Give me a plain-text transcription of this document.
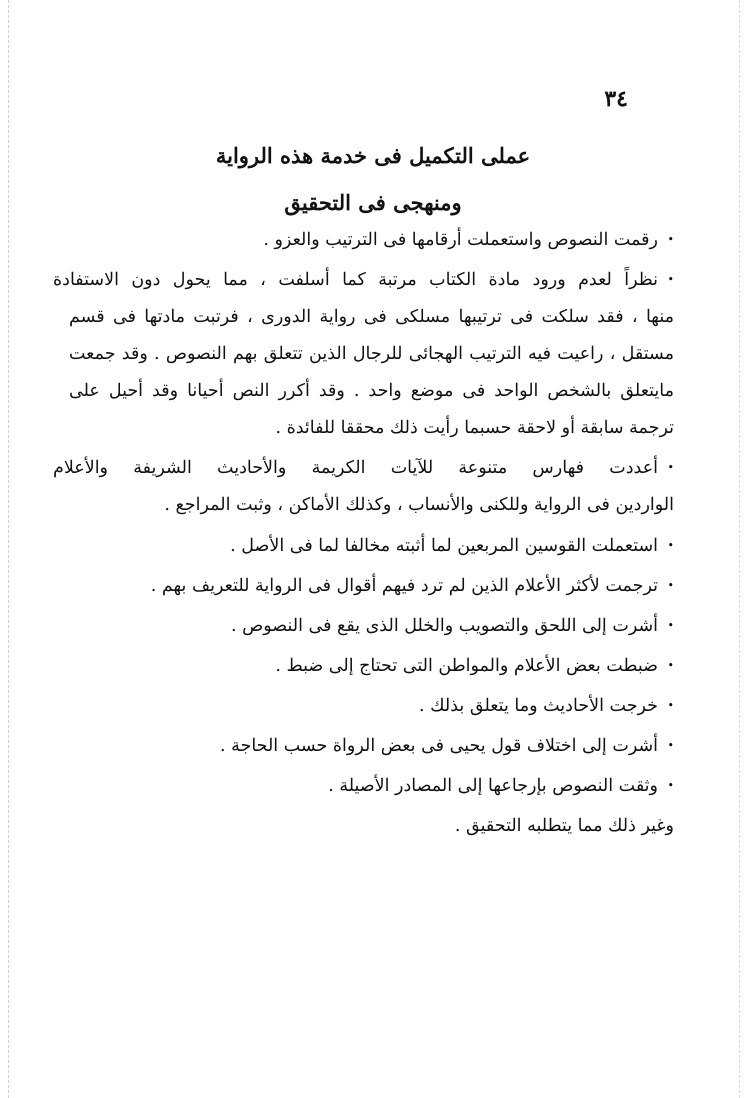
٣٤
عملى التكميل فى خدمة هذه الرواية
ومنهجى فى التحقيق
• رقمت النصوص واستعملت أرقامها فى الترتيب والعزو .
• نظراً لعدم ورود مادة الكتاب مرتبة كما أسلفت ، مما يحول دون الاستفادة
منها ، فقد سلكت فى ترتيبها مسلكى فى رواية الدورى ، فرتبت مادتها فى قسم
مستقل ، راعيت فيه الترتيب الهجائى للرجال الذين تتعلق بهم النصوص . وقد جمعت
مايتعلق بالشخص الواحد فى موضع واحد . وقد أكرر النص أحيانا وقد أحيل على
ترجمة سابقة أو لاحقة حسبما رأيت ذلك محققا للفائدة .
• أعددت فهارس متنوعة للآيات الكريمة والأحاديث الشريفة والأعلام
الواردين فى الرواية وللكنى والأنساب ، وكذلك الأماكن ، وثبت المراجع .
• استعملت القوسين المربعين لما أثبته مخالفا لما فى الأصل .
• ترجمت لأكثر الأعلام الذين لم ترد فيهم أقوال فى الرواية للتعريف بهم .
• أشرت إلى اللحق والتصويب والخلل الذى يقع فى النصوص .
• ضبطت بعض الأعلام والمواطن التى تحتاج إلى ضبط .
• خرجت الأحاديث وما يتعلق بذلك .
• أشرت إلى اختلاف قول يحيى فى بعض الرواة حسب الحاجة .
• وثقت النصوص بإرجاعها إلى المصادر الأصيلة .
وغير ذلك مما يتطلبه التحقيق .
